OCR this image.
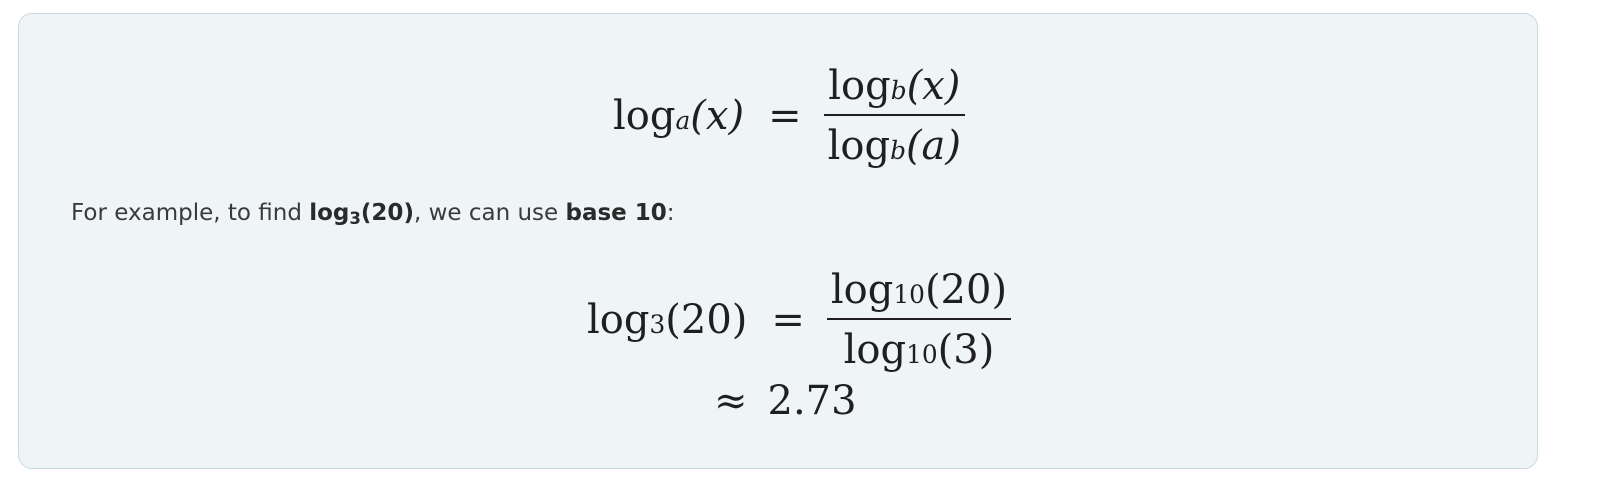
log a $(x) = \frac{\text{log b (x)}}{\text{log b (a)}}$
For example, to find $\log_3(20)$, we can use base 10:
log 3 $(20) = \frac{\log 10 (20)}{\log 10 (3)}$
≈ 2.73
